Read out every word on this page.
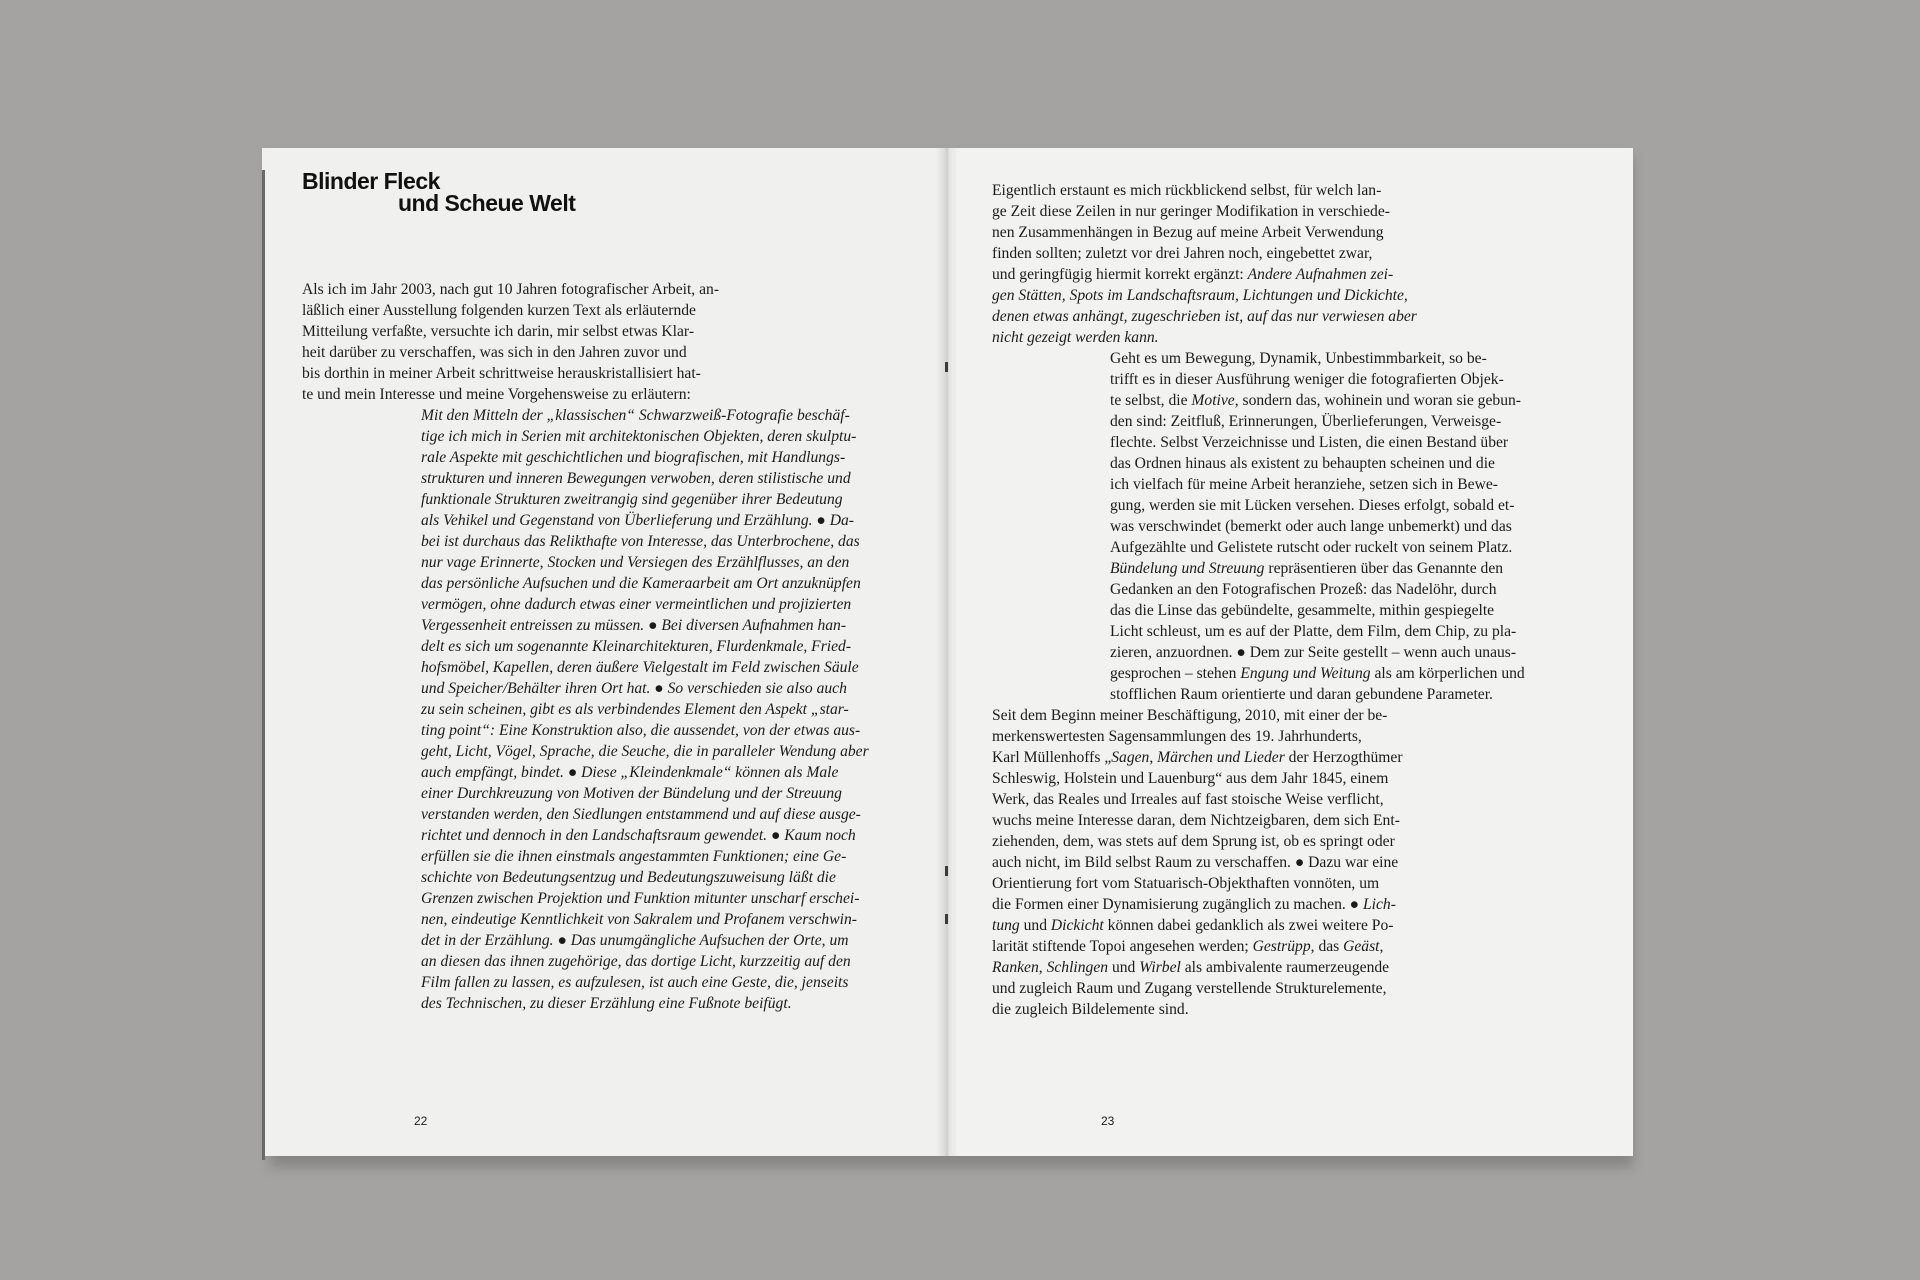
Blinder Fleck
und Scheue Welt
Als ich im Jahr 2003, nach gut 10 Jahren fotografischer Arbeit, an-
läßlich einer Ausstellung folgenden kurzen Text als erläuternde
Mitteilung verfaßte, versuchte ich darin, mir selbst etwas Klar-
heit darüber zu verschaffen, was sich in den Jahren zuvor und
bis dorthin in meiner Arbeit schrittweise herauskristallisiert hat-
te und mein Interesse und meine Vorgehensweise zu erläutern:
Mit den Mitteln der „klassischen“ Schwarzweiß-Fotografie beschäf-
tige ich mich in Serien mit architektonischen Objekten, deren skulptu-
rale Aspekte mit geschichtlichen und biografischen, mit Handlungs-
strukturen und inneren Bewegungen verwoben, deren stilistische und
funktionale Strukturen zweitrangig sind gegenüber ihrer Bedeutung
als Vehikel und Gegenstand von Überlieferung und Erzählung. ● Da-
bei ist durchaus das Relikthafte von Interesse, das Unterbrochene, das
nur vage Erinnerte, Stocken und Versiegen des Erzählflusses, an den
das persönliche Aufsuchen und die Kameraarbeit am Ort anzuknüpfen
vermögen, ohne dadurch etwas einer vermeintlichen und projizierten
Vergessenheit entreissen zu müssen. ● Bei diversen Aufnahmen han-
delt es sich um sogenannte Kleinarchitekturen, Flurdenkmale, Fried-
hofsmöbel, Kapellen, deren äußere Vielgestalt im Feld zwischen Säule
und Speicher/Behälter ihren Ort hat. ● So verschieden sie also auch
zu sein scheinen, gibt es als verbindendes Element den Aspekt „star-
ting point“: Eine Konstruktion also, die aussendet, von der etwas aus-
geht, Licht, Vögel, Sprache, die Seuche, die in paralleler Wendung aber
auch empfängt, bindet. ● Diese „Kleindenkmale“ können als Male
einer Durchkreuzung von Motiven der Bündelung und der Streuung
verstanden werden, den Siedlungen entstammend und auf diese ausge-
richtet und dennoch in den Landschaftsraum gewendet. ● Kaum noch
erfüllen sie die ihnen einstmals angestammten Funktionen; eine Ge-
schichte von Bedeutungsentzug und Bedeutungszuweisung läßt die
Grenzen zwischen Projektion und Funktion mitunter unscharf erschei-
nen, eindeutige Kenntlichkeit von Sakralem und Profanem verschwin-
det in der Erzählung. ● Das unumgängliche Aufsuchen der Orte, um
an diesen das ihnen zugehörige, das dortige Licht, kurzzeitig auf den
Film fallen zu lassen, es aufzulesen, ist auch eine Geste, die, jenseits
des Technischen, zu dieser Erzählung eine Fußnote beifügt.
Eigentlich erstaunt es mich rückblickend selbst, für welch lan-
ge Zeit diese Zeilen in nur geringer Modifikation in verschiede-
nen Zusammenhängen in Bezug auf meine Arbeit Verwendung
finden sollten; zuletzt vor drei Jahren noch, eingebettet zwar,
und geringfügig hiermit korrekt ergänzt: Andere Aufnahmen zei-
gen Stätten, Spots im Landschaftsraum, Lichtungen und Dickichte,
denen etwas anhängt, zugeschrieben ist, auf das nur verwiesen aber
nicht gezeigt werden kann.
Geht es um Bewegung, Dynamik, Unbestimmbarkeit, so be-
trifft es in dieser Ausführung weniger die fotografierten Objek-
te selbst, die Motive, sondern das, wohinein und woran sie gebun-
den sind: Zeitfluß, Erinnerungen, Überlieferungen, Verweisge-
flechte. Selbst Verzeichnisse und Listen, die einen Bestand über
das Ordnen hinaus als existent zu behaupten scheinen und die
ich vielfach für meine Arbeit heranziehe, setzen sich in Bewe-
gung, werden sie mit Lücken versehen. Dieses erfolgt, sobald et-
was verschwindet (bemerkt oder auch lange unbemerkt) und das
Aufgezählte und Gelistete rutscht oder ruckelt von seinem Platz.
Bündelung und Streuung repräsentieren über das Genannte den
Gedanken an den Fotografischen Prozeß: das Nadelöhr, durch
das die Linse das gebündelte, gesammelte, mithin gespiegelte
Licht schleust, um es auf der Platte, dem Film, dem Chip, zu pla-
zieren, anzuordnen. ● Dem zur Seite gestellt – wenn auch unaus-
gesprochen – stehen Engung und Weitung als am körperlichen und
stofflichen Raum orientierte und daran gebundene Parameter.
Seit dem Beginn meiner Beschäftigung, 2010, mit einer der be-
merkenswertesten Sagensammlungen des 19. Jahrhunderts,
Karl Müllenhoffs „Sagen, Märchen und Lieder der Herzogthümer
Schleswig, Holstein und Lauenburg“ aus dem Jahr 1845, einem
Werk, das Reales und Irreales auf fast stoische Weise verflicht,
wuchs meine Interesse daran, dem Nichtzeigbaren, dem sich Ent-
ziehenden, dem, was stets auf dem Sprung ist, ob es springt oder
auch nicht, im Bild selbst Raum zu verschaffen. ● Dazu war eine
Orientierung fort vom Statuarisch-Objekthaften vonnöten, um
die Formen einer Dynamisierung zugänglich zu machen. ● Lich-
tung und Dickicht können dabei gedanklich als zwei weitere Po-
larität stiftende Topoi angesehen werden; Gestrüpp, das Geäst,
Ranken, Schlingen und Wirbel als ambivalente raumerzeugende
und zugleich Raum und Zugang verstellende Strukturelemente,
die zugleich Bildelemente sind.
22	23
